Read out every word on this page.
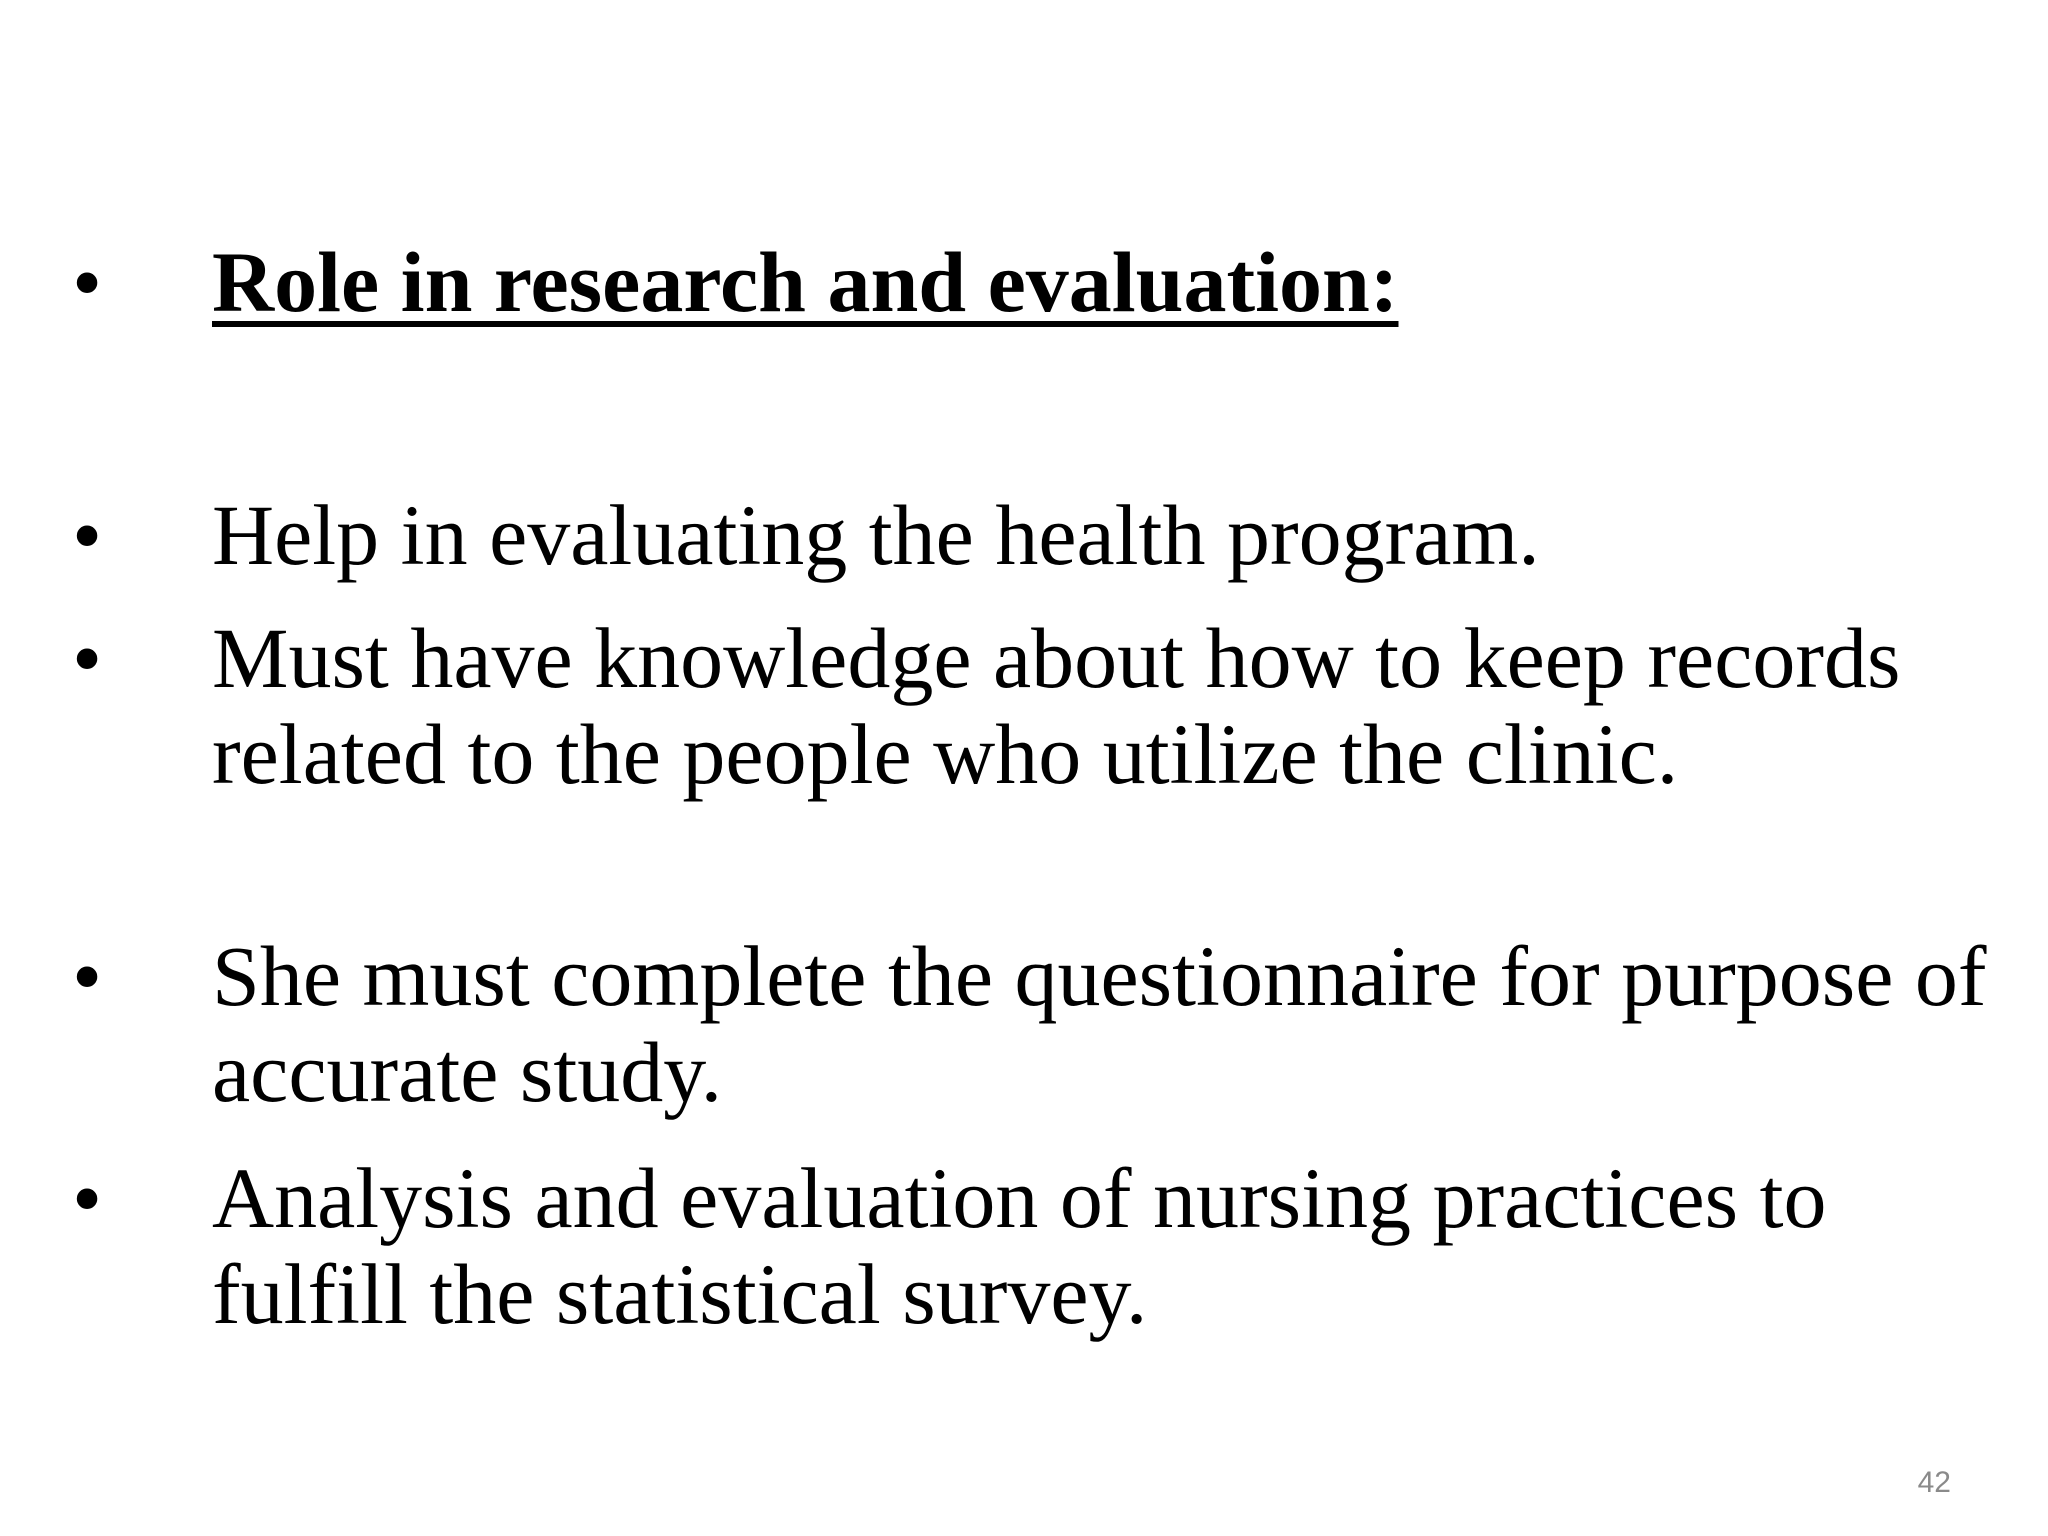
• Role in research and evaluation:
• Help in evaluating the health program.
• Must have knowledge about how to keep records related to the people who utilize the clinic.
• She must complete the questionnaire for purpose of accurate study.
• Analysis and evaluation of nursing practices to fulfill the statistical survey.
42
